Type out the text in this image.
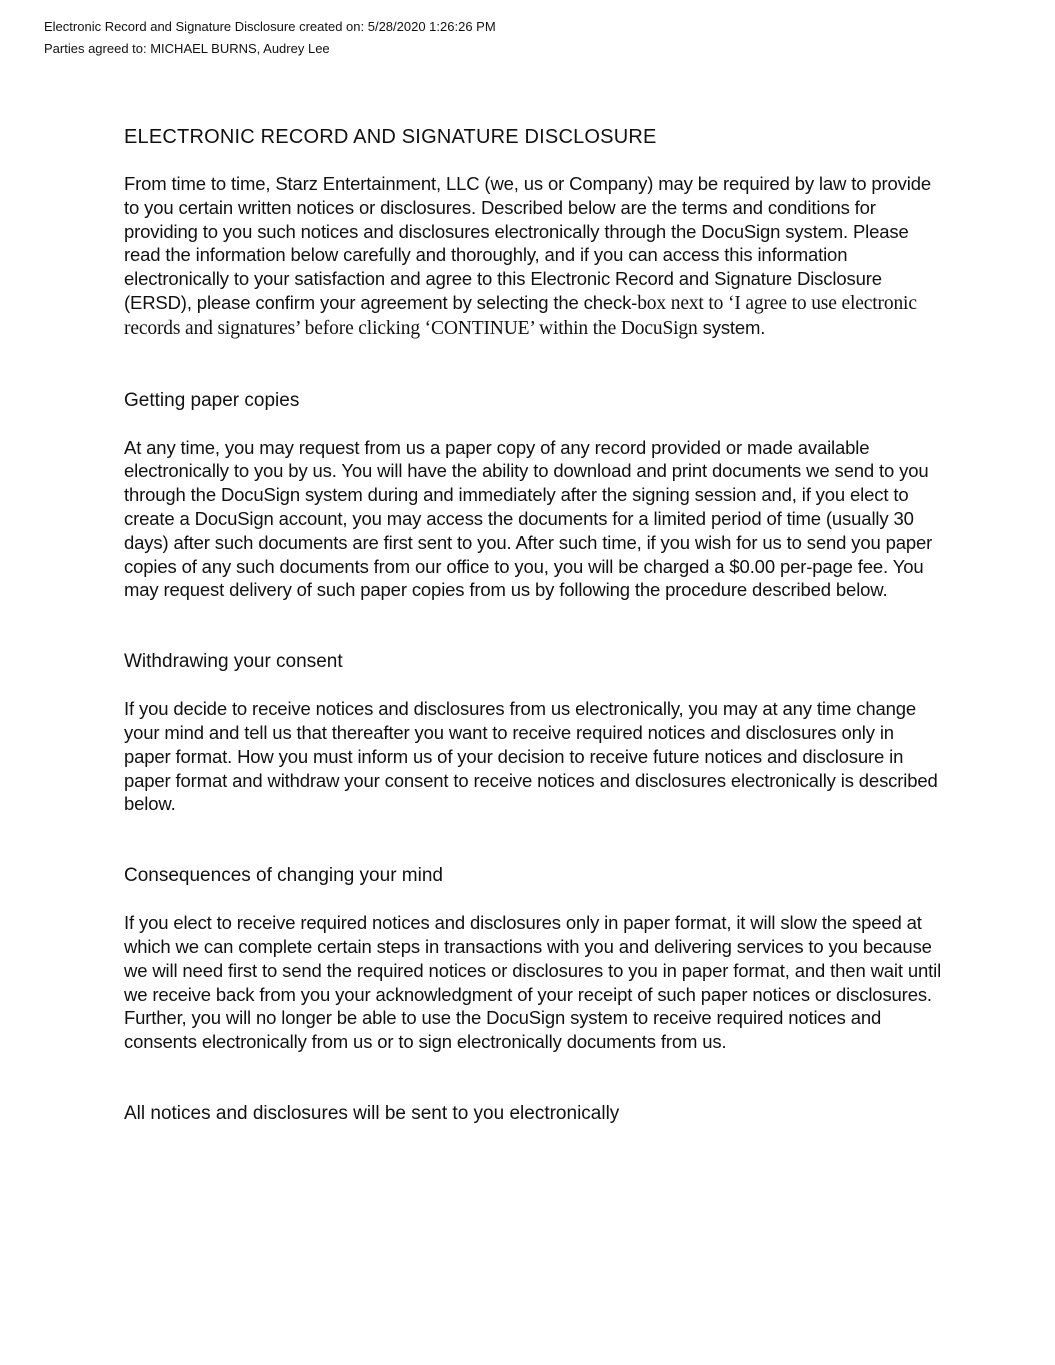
Electronic Record and Signature Disclosure created on: 5/28/2020 1:26:26 PM
Parties agreed to: MICHAEL BURNS, Audrey Lee
ELECTRONIC RECORD AND SIGNATURE DISCLOSURE

From time to time, Starz Entertainment, LLC (we, us or Company) may be required by law to provide to you certain written notices or disclosures. Described below are the terms and conditions for providing to you such notices and disclosures electronically through the DocuSign system. Please read the information below carefully and thoroughly, and if you can access this information electronically to your satisfaction and agree to this Electronic Record and Signature Disclosure (ERSD), please confirm your agreement by selecting the check-box next to ‘I agree to use electronic records and signatures’ before clicking ‘CONTINUE’ within the DocuSign system.

Getting paper copies

At any time, you may request from us a paper copy of any record provided or made available electronically to you by us. You will have the ability to download and print documents we send to you through the DocuSign system during and immediately after the signing session and, if you elect to create a DocuSign account, you may access the documents for a limited period of time (usually 30 days) after such documents are first sent to you. After such time, if you wish for us to send you paper copies of any such documents from our office to you, you will be charged a $0.00 per-page fee. You may request delivery of such paper copies from us by following the procedure described below.

Withdrawing your consent

If you decide to receive notices and disclosures from us electronically, you may at any time change your mind and tell us that thereafter you want to receive required notices and disclosures only in paper format. How you must inform us of your decision to receive future notices and disclosure in paper format and withdraw your consent to receive notices and disclosures electronically is described below.

Consequences of changing your mind

If you elect to receive required notices and disclosures only in paper format, it will slow the speed at which we can complete certain steps in transactions with you and delivering services to you because we will need first to send the required notices or disclosures to you in paper format, and then wait until we receive back from you your acknowledgment of your receipt of such paper notices or disclosures. Further, you will no longer be able to use the DocuSign system to receive required notices and consents electronically from us or to sign electronically documents from us.

All notices and disclosures will be sent to you electronically
